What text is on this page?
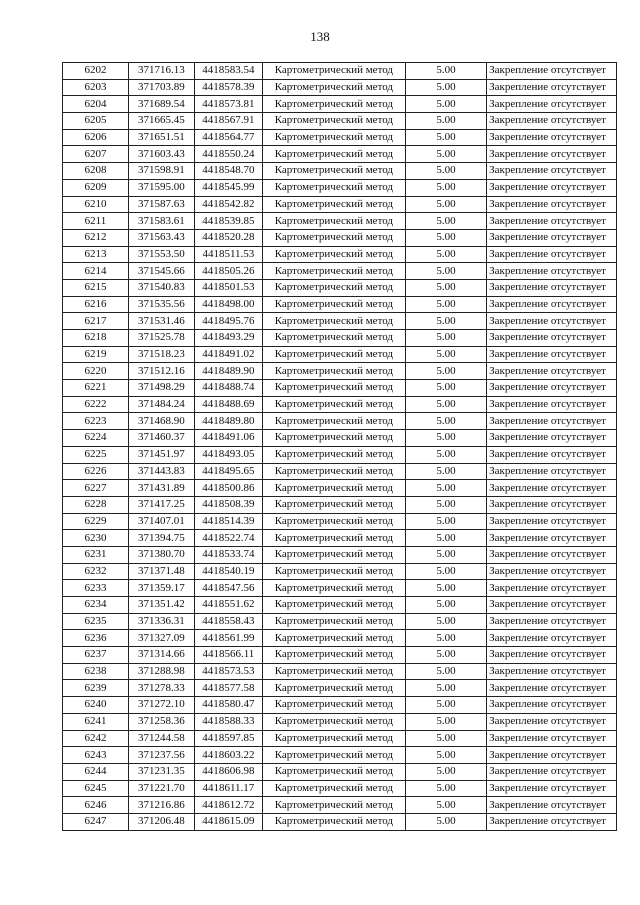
138
6202	371716.13	4418583.54	Картометрический метод	5.00	Закрепление отсутствует
6203	371703.89	4418578.39	Картометрический метод	5.00	Закрепление отсутствует
6204	371689.54	4418573.81	Картометрический метод	5.00	Закрепление отсутствует
6205	371665.45	4418567.91	Картометрический метод	5.00	Закрепление отсутствует
6206	371651.51	4418564.77	Картометрический метод	5.00	Закрепление отсутствует
6207	371603.43	4418550.24	Картометрический метод	5.00	Закрепление отсутствует
6208	371598.91	4418548.70	Картометрический метод	5.00	Закрепление отсутствует
6209	371595.00	4418545.99	Картометрический метод	5.00	Закрепление отсутствует
6210	371587.63	4418542.82	Картометрический метод	5.00	Закрепление отсутствует
6211	371583.61	4418539.85	Картометрический метод	5.00	Закрепление отсутствует
6212	371563.43	4418520.28	Картометрический метод	5.00	Закрепление отсутствует
6213	371553.50	4418511.53	Картометрический метод	5.00	Закрепление отсутствует
6214	371545.66	4418505.26	Картометрический метод	5.00	Закрепление отсутствует
6215	371540.83	4418501.53	Картометрический метод	5.00	Закрепление отсутствует
6216	371535.56	4418498.00	Картометрический метод	5.00	Закрепление отсутствует
6217	371531.46	4418495.76	Картометрический метод	5.00	Закрепление отсутствует
6218	371525.78	4418493.29	Картометрический метод	5.00	Закрепление отсутствует
6219	371518.23	4418491.02	Картометрический метод	5.00	Закрепление отсутствует
6220	371512.16	4418489.90	Картометрический метод	5.00	Закрепление отсутствует
6221	371498.29	4418488.74	Картометрический метод	5.00	Закрепление отсутствует
6222	371484.24	4418488.69	Картометрический метод	5.00	Закрепление отсутствует
6223	371468.90	4418489.80	Картометрический метод	5.00	Закрепление отсутствует
6224	371460.37	4418491.06	Картометрический метод	5.00	Закрепление отсутствует
6225	371451.97	4418493.05	Картометрический метод	5.00	Закрепление отсутствует
6226	371443.83	4418495.65	Картометрический метод	5.00	Закрепление отсутствует
6227	371431.89	4418500.86	Картометрический метод	5.00	Закрепление отсутствует
6228	371417.25	4418508.39	Картометрический метод	5.00	Закрепление отсутствует
6229	371407.01	4418514.39	Картометрический метод	5.00	Закрепление отсутствует
6230	371394.75	4418522.74	Картометрический метод	5.00	Закрепление отсутствует
6231	371380.70	4418533.74	Картометрический метод	5.00	Закрепление отсутствует
6232	371371.48	4418540.19	Картометрический метод	5.00	Закрепление отсутствует
6233	371359.17	4418547.56	Картометрический метод	5.00	Закрепление отсутствует
6234	371351.42	4418551.62	Картометрический метод	5.00	Закрепление отсутствует
6235	371336.31	4418558.43	Картометрический метод	5.00	Закрепление отсутствует
6236	371327.09	4418561.99	Картометрический метод	5.00	Закрепление отсутствует
6237	371314.66	4418566.11	Картометрический метод	5.00	Закрепление отсутствует
6238	371288.98	4418573.53	Картометрический метод	5.00	Закрепление отсутствует
6239	371278.33	4418577.58	Картометрический метод	5.00	Закрепление отсутствует
6240	371272.10	4418580.47	Картометрический метод	5.00	Закрепление отсутствует
6241	371258.36	4418588.33	Картометрический метод	5.00	Закрепление отсутствует
6242	371244.58	4418597.85	Картометрический метод	5.00	Закрепление отсутствует
6243	371237.56	4418603.22	Картометрический метод	5.00	Закрепление отсутствует
6244	371231.35	4418606.98	Картометрический метод	5.00	Закрепление отсутствует
6245	371221.70	4418611.17	Картометрический метод	5.00	Закрепление отсутствует
6246	371216.86	4418612.72	Картометрический метод	5.00	Закрепление отсутствует
6247	371206.48	4418615.09	Картометрический метод	5.00	Закрепление отсутствует
